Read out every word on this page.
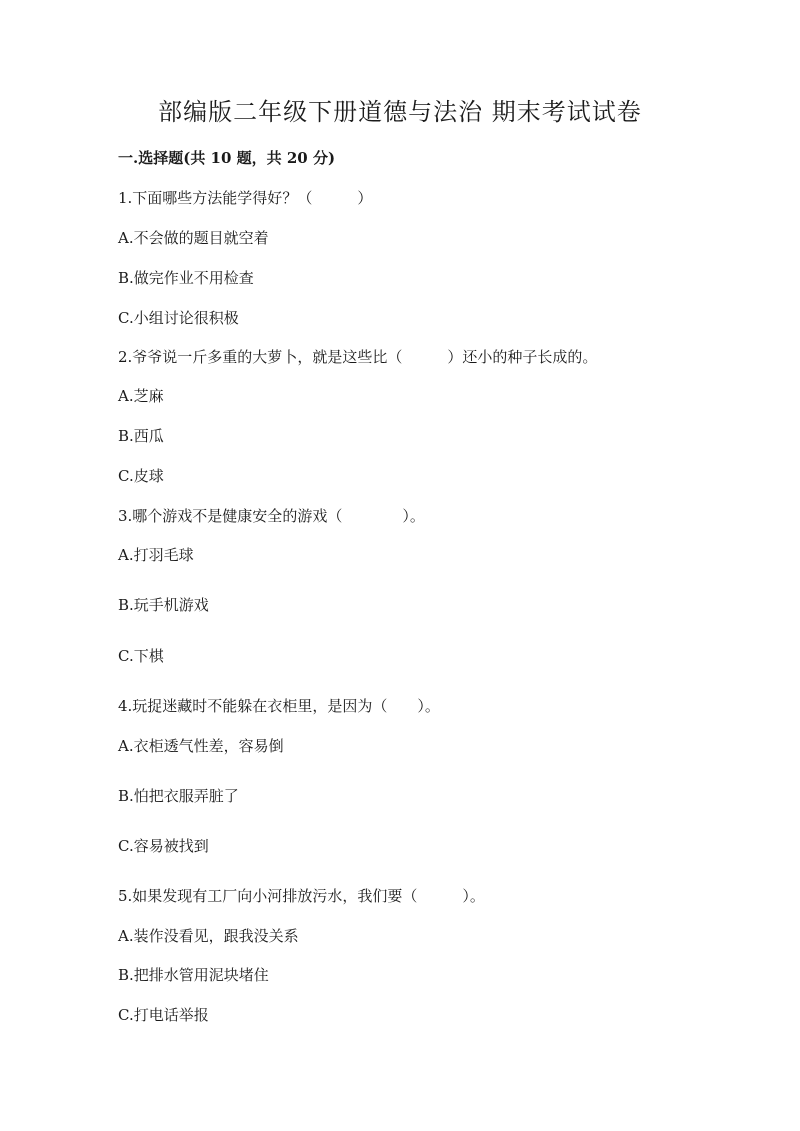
部编版二年级下册道德与法治 期末考试试卷
一.选择题(共 10 题，共 20 分)
1.下面哪些方法能学得好？（　　　）
A.不会做的题目就空着
B.做完作业不用检查
C.小组讨论很积极
2.爷爷说一斤多重的大萝卜，就是这些比（　　　）还小的种子长成的。
A.芝麻
B.西瓜
C.皮球
3.哪个游戏不是健康安全的游戏（　　　　）。
A.打羽毛球
B.玩手机游戏
C.下棋
4.玩捉迷藏时不能躲在衣柜里，是因为（　　）。
A.衣柜透气性差，容易倒
B.怕把衣服弄脏了
C.容易被找到
5.如果发现有工厂向小河排放污水，我们要（　　　）。
A.装作没看见，跟我没关系
B.把排水管用泥块堵住
C.打电话举报
